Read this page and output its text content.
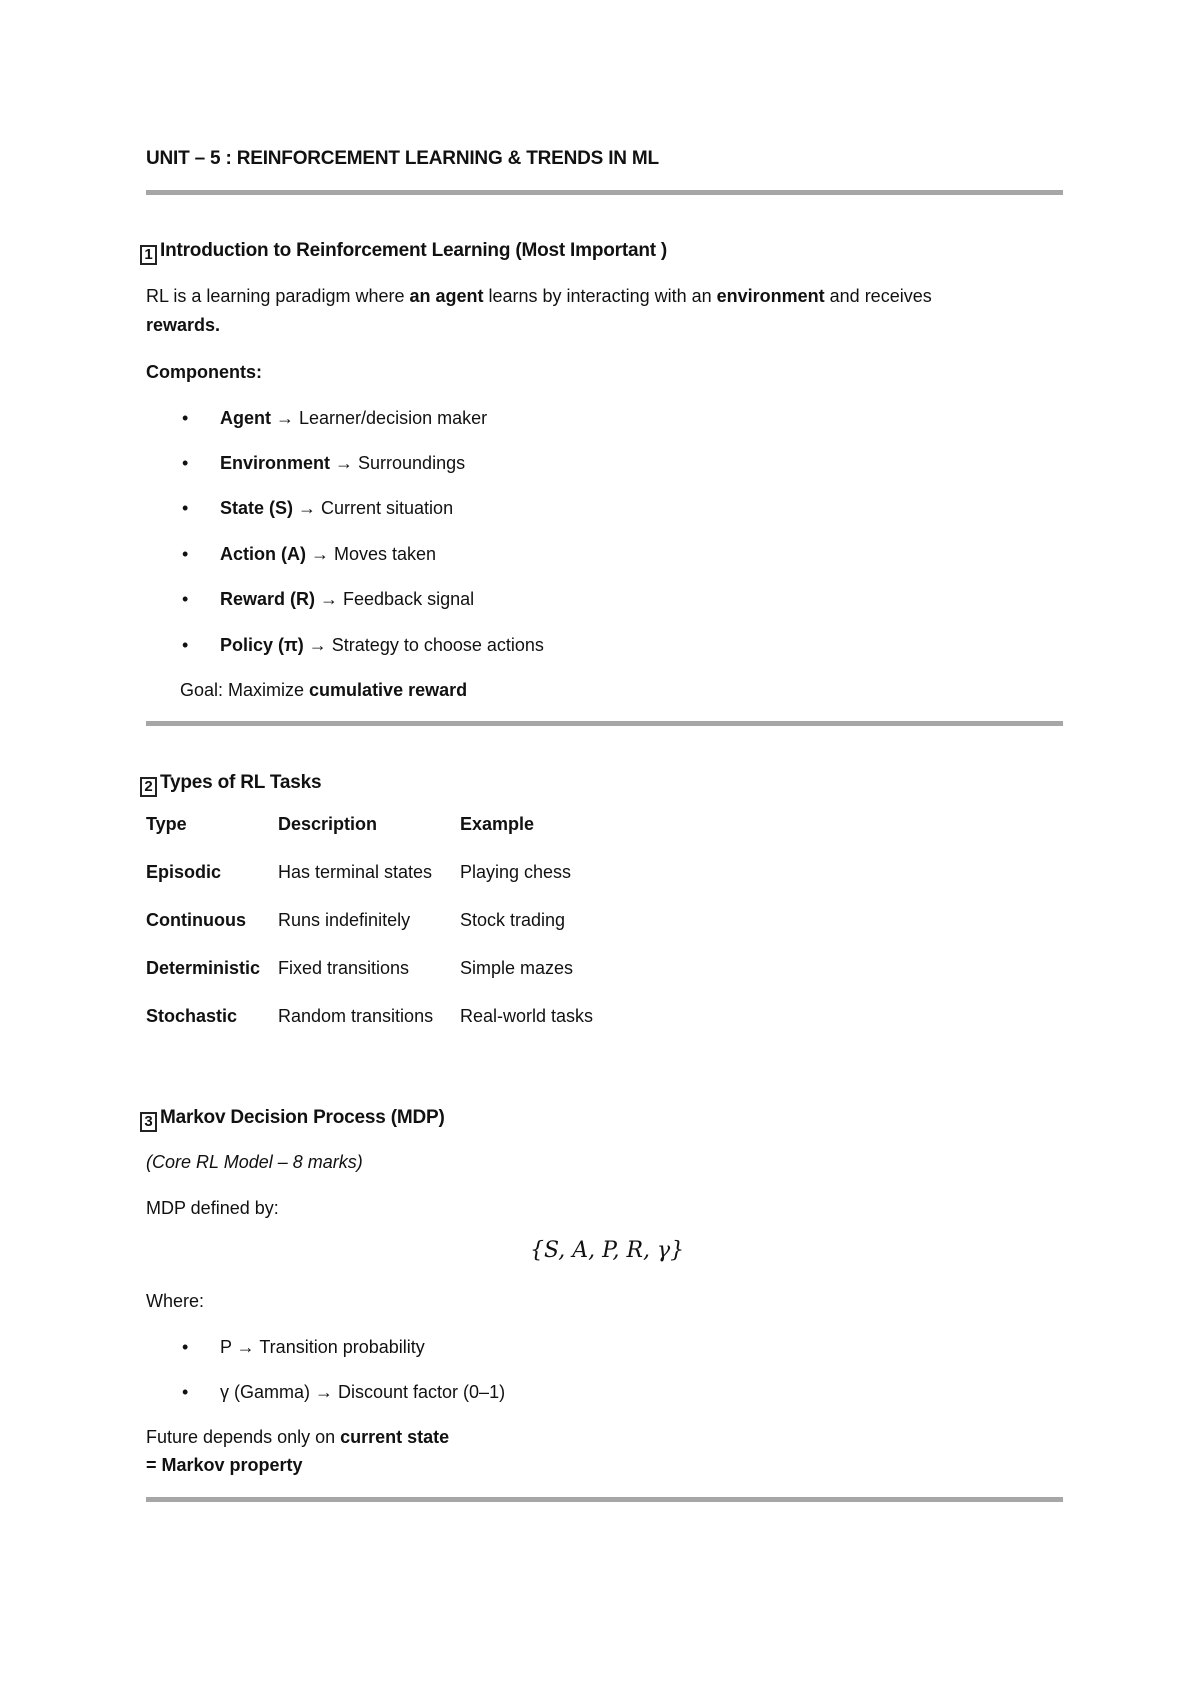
UNIT – 5 : REINFORCEMENT LEARNING & TRENDS IN ML
1 Introduction to Reinforcement Learning (Most Important )
RL is a learning paradigm where an agent learns by interacting with an environment and receives
rewards.
Components:
• Agent → Learner/decision maker
• Environment → Surroundings
• State (S) → Current situation
• Action (A) → Moves taken
• Reward (R) → Feedback signal
• Policy (π) → Strategy to choose actions
Goal: Maximize cumulative reward
2 Types of RL Tasks
Type	Description	Example
Episodic	Has terminal states	Playing chess
Continuous	Runs indefinitely	Stock trading
Deterministic	Fixed transitions	Simple mazes
Stochastic	Random transitions	Real-world tasks
3 Markov Decision Process (MDP)
(Core RL Model – 8 marks)
MDP defined by:
{S, A, P, R, γ}
Where:
• P → Transition probability
• γ (Gamma) → Discount factor (0–1)
Future depends only on current state
= Markov property
